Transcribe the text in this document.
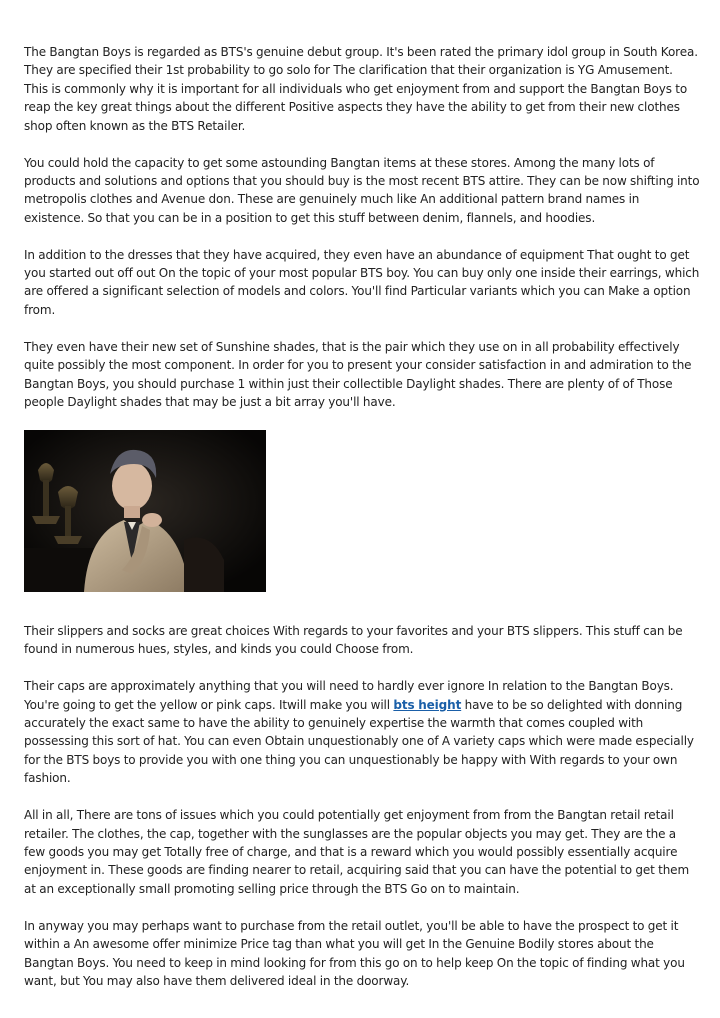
The Bangtan Boys is regarded as BTS's genuine debut group. It's been rated the primary idol group in South Korea. They are specified their 1st probability to go solo for The clarification that their organization is YG Amusement. This is commonly why it is important for all individuals who get enjoyment from and support the Bangtan Boys to reap the key great things about the different Positive aspects they have the ability to get from their new clothes shop often known as the BTS Retailer.

You could hold the capacity to get some astounding Bangtan items at these stores. Among the many lots of products and solutions and options that you should buy is the most recent BTS attire. They can be now shifting into metropolis clothes and Avenue don. These are genuinely much like An additional pattern brand names in existence. So that you can be in a position to get this stuff between denim, flannels, and hoodies.

In addition to the dresses that they have acquired, they even have an abundance of equipment That ought to get you started out off out On the topic of your most popular BTS boy. You can buy only one inside their earrings, which are offered a significant selection of models and colors. You'll find Particular variants which you can Make a option from.

They even have their new set of Sunshine shades, that is the pair which they use on in all probability effectively quite possibly the most component. In order for you to present your consider satisfaction in and admiration to the Bangtan Boys, you should purchase 1 within just their collectible Daylight shades. There are plenty of of Those people Daylight shades that may be just a bit array you'll have.

Their slippers and socks are great choices With regards to your favorites and your BTS slippers. This stuff can be found in numerous hues, styles, and kinds you could Choose from.

Their caps are approximately anything that you will need to hardly ever ignore In relation to the Bangtan Boys. You're going to get the yellow or pink caps. Itwill make you will bts height have to be so delighted with donning accurately the exact same to have the ability to genuinely expertise the warmth that comes coupled with possessing this sort of hat. You can even Obtain unquestionably one of A variety caps which were made especially for the BTS boys to provide you with one thing you can unquestionably be happy with With regards to your own fashion.

All in all, There are tons of issues which you could potentially get enjoyment from from the Bangtan retail retail retailer. The clothes, the cap, together with the sunglasses are the popular objects you may get. They are the a few goods you may get Totally free of charge, and that is a reward which you would possibly essentially acquire enjoyment in. These goods are finding nearer to retail, acquiring said that you can have the potential to get them at an exceptionally small promoting selling price through the BTS Go on to maintain.

In anyway you may perhaps want to purchase from the retail outlet, you'll be able to have the prospect to get it within a An awesome offer minimize Price tag than what you will get In the Genuine Bodily stores about the Bangtan Boys. You need to keep in mind looking for from this go on to help keep On the topic of finding what you want, but You may also have them delivered ideal in the doorway.
